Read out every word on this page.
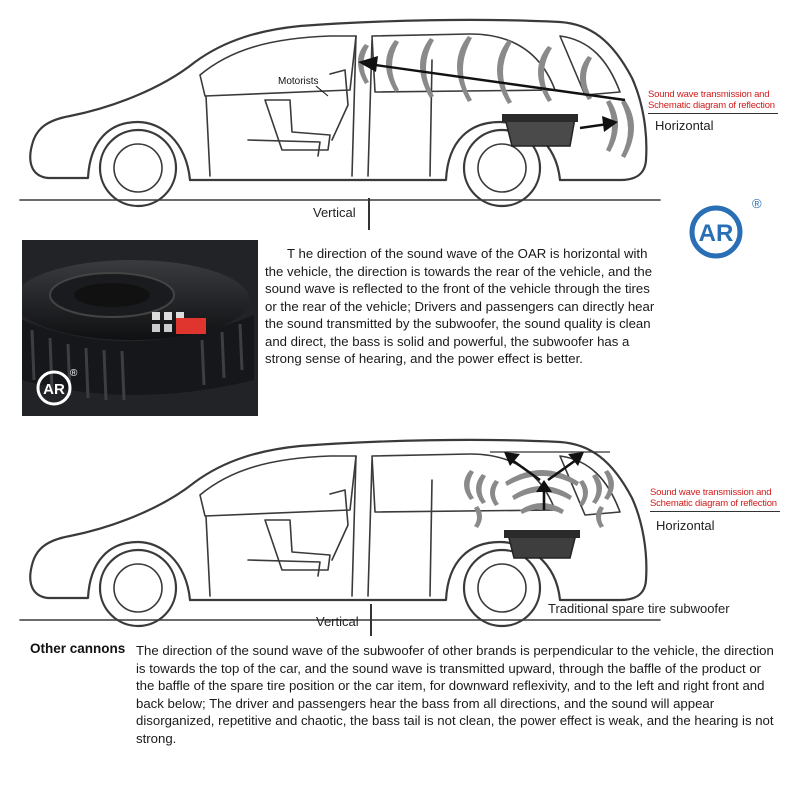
Motorists
Sound wave transmission and
Schematic diagram of reflection
Horizontal
Vertical
AR
®
AR
®
T he direction of the sound wave of the OAR is horizontal with the vehicle, the direction is towards the rear of the vehicle, and the sound wave is reflected to the front of the vehicle through the tires or the rear of the vehicle; Drivers and passengers can directly hear the sound transmitted by the subwoofer, the sound quality is clean and direct, the bass is solid and powerful, the subwoofer has a strong sense of hearing, and the power effect is better.
Sound wave transmission and
Schematic diagram of reflection
Horizontal
Traditional spare tire subwoofer
Vertical
Other cannons The direction of the sound wave of the subwoofer of other brands is perpendicular to the vehicle, the direction is towards the top of the car, and the sound wave is transmitted upward, through the baffle of the product or the baffle of the spare tire position or the car item, for downward reflexivity, and to the left and right front and back below; The driver and passengers hear the bass from all directions, and the sound will appear disorganized, repetitive and chaotic, the bass tail is not clean, the power effect is weak, and the hearing is not strong.
